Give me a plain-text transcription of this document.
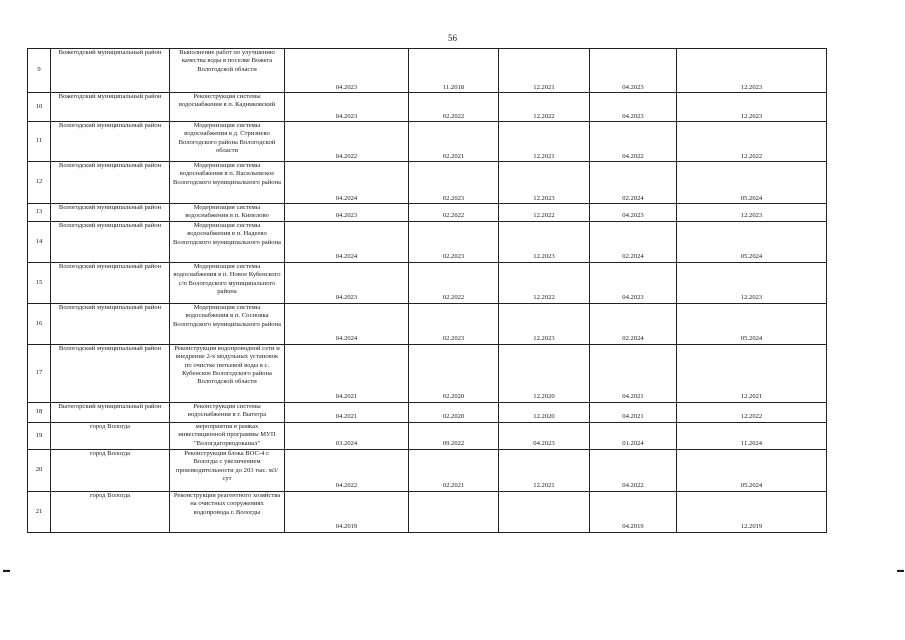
56
9	Вожегодский муниципальный район	Выполнение работ по улучшению качества воды в поселке Вожега Вологодской области	04.2023	11.2018	12.2021	04.2023	12.2023
10	Вожегодский муниципальный район	Реконструкция системы водоснабжения в п. Кадниковский	04.2023	02.2022	12.2022	04.2023	12.2023
11	Вологодский муниципальный район	Модернизация системы водоснабжения в д. Стризнево Вологодского района Вологодской области	04.2022	02.2021	12.2021	04.2022	12.2022
12	Вологодский муниципальный район	Модернизация системы водоснабжения в п. Васильевское Вологодского муниципального района	04.2024	02.2023	12.2023	02.2024	05.2024
13	Вологодский муниципальный район	Модернизация системы водоснабжения в п. Кипелово	04.2023	02.2022	12.2022	04.2023	12.2023
14	Вологодский муниципальный район	Модернизация системы водоснабжения в п. Надеево Вологодского муниципального района	04.2024	02.2023	12.2023	02.2024	05.2024
15	Вологодский муниципальный район	Модернизация системы водоснабжения в п. Новое Кубенского с/п Вологодского муниципального района	04.2023	02.2022	12.2022	04.2023	12.2023
16	Вологодский муниципальный район	Модернизация системы водоснабжения в п. Сосновка Вологодского муниципального района	04.2024	02.2023	12.2023	02.2024	05.2024
17	Вологодский муниципальный район	Реконструкция водопроводной сети и внедрение 2-х модульных установок по очистке питьевой воды в с. Кубенское Вологодского района Вологодской области	04.2021	02.2020	12.2020	04.2021	12.2021
18	Вытегорский муниципальный район	Реконструкция системы водоснабжения в г. Вытегра	04.2021	02.2020	12.2020	04.2021	12.2022
19	город Вологда	мероприятия в рамках инвестиционной программы МУП "Вологдагорводоканал"	03.2024	09.2022	04.2023	01.2024	11.2024
20	город Вологда	Реконструкция блока ВОС-4 г. Вологды с увеличением производительности до 203 тыс. м3/сут	04.2022	02.2021	12.2021	04.2022	05.2024
21	город Вологда	Реконструкция реагентного хозяйства на очистных сооружениях водопровода г. Вологды	04.2019			04.2019	12.2019
▬	▬
